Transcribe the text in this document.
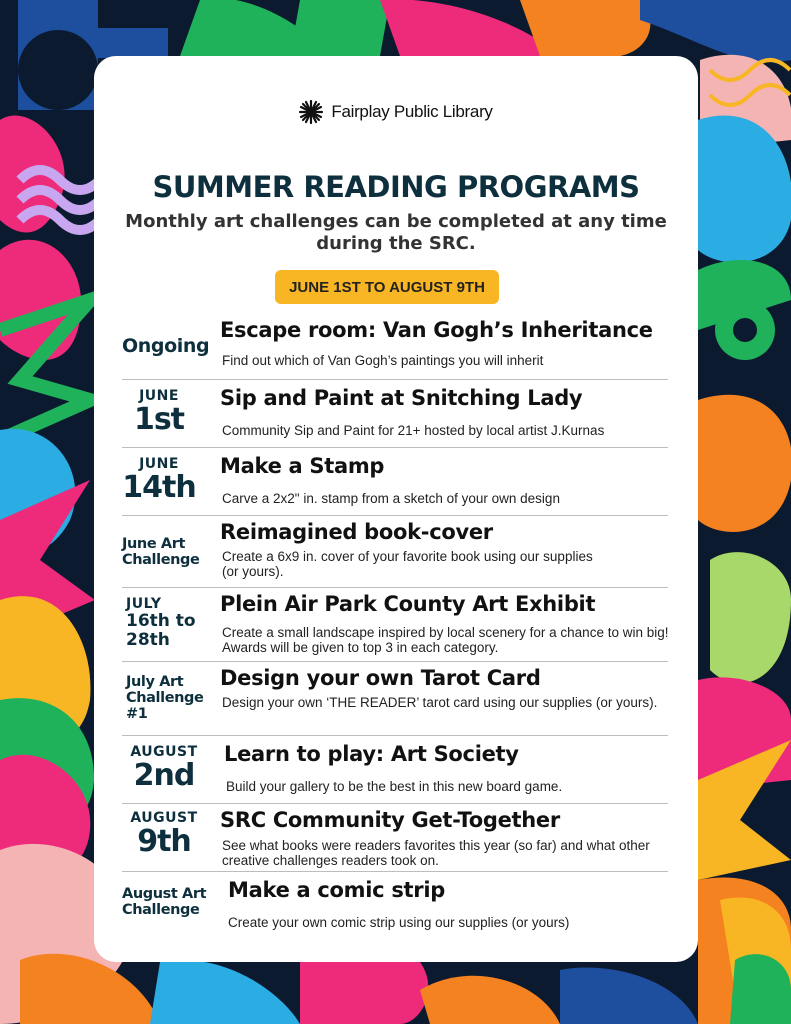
Fairplay Public Library
SUMMER READING PROGRAMS
Monthly art challenges can be completed at any time during the SRC.
JUNE 1ST TO AUGUST 9TH
Ongoing
Escape room: Van Gogh’s Inheritance
Find out which of Van Gogh’s paintings you will inherit
JUNE
1st
Sip and Paint at Snitching Lady
Community Sip and Paint for 21+ hosted by local artist J.Kurnas
JUNE
14th
Make a Stamp
Carve a 2x2" in. stamp from a sketch of your own design
June Art
Challenge
Reimagined book-cover
Create a 6x9 in. cover of your favorite book using our supplies (or yours).
JULY
16th to
28th
Plein Air Park County Art Exhibit
Create a small landscape inspired by local scenery for a chance to win big! Awards will be given to top 3 in each category.
July Art
Challenge
#1
Design your own Tarot Card
Design your own ‘THE READER’ tarot card using our supplies (or yours).
AUGUST
2nd
Learn to play: Art Society
Build your gallery to be the best in this new board game.
AUGUST
9th
SRC Community Get-Together
See what books were readers favorites this year (so far) and what other creative challenges readers took on.
August Art
Challenge
Make a comic strip
Create your own comic strip using our supplies (or yours)
